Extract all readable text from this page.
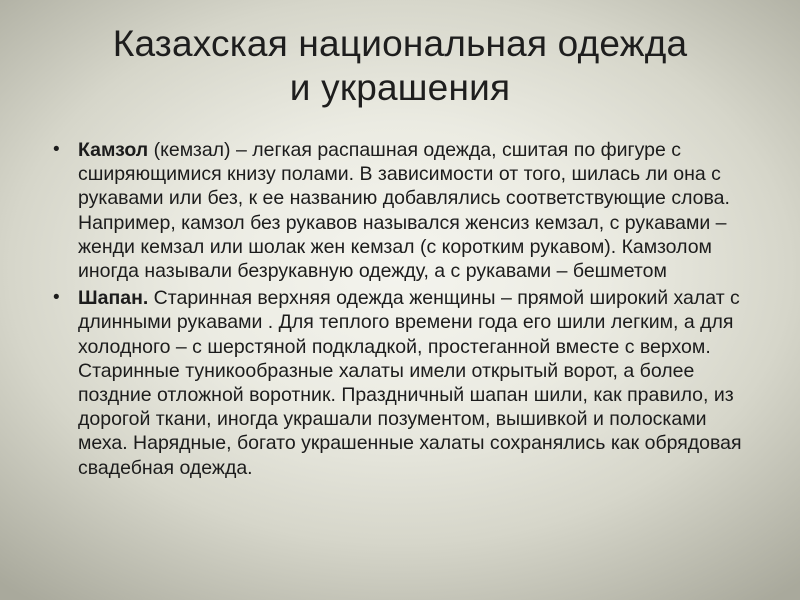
Казахская национальная одежда
и украшения
• Камзол (кемзал) – легкая распашная одежда, сшитая по фигуре с сширяющимися книзу полами. В зависимости от того, шилась ли она с рукавами или без, к ее названию добавлялись соответствующие слова. Например, камзол без рукавов назывался женсиз кемзал, с рукавами – женди кемзал или шолак жен кемзал (с коротким рукавом). Камзолом иногда называли безрукавную одежду, а с рукавами – бешметом
• Шапан. Старинная верхняя одежда женщины – прямой широкий халат с длинными рукавами . Для теплого времени года его шили легким, а для холодного – с шерстяной подкладкой, простеганной вместе с верхом. Старинные туникообразные халаты имели открытый ворот, а более поздние отложной воротник. Праздничный шапан шили, как правило, из дорогой ткани, иногда украшали позументом, вышивкой и полосками меха. Нарядные, богато украшенные халаты сохранялись как обрядовая свадебная одежда.
